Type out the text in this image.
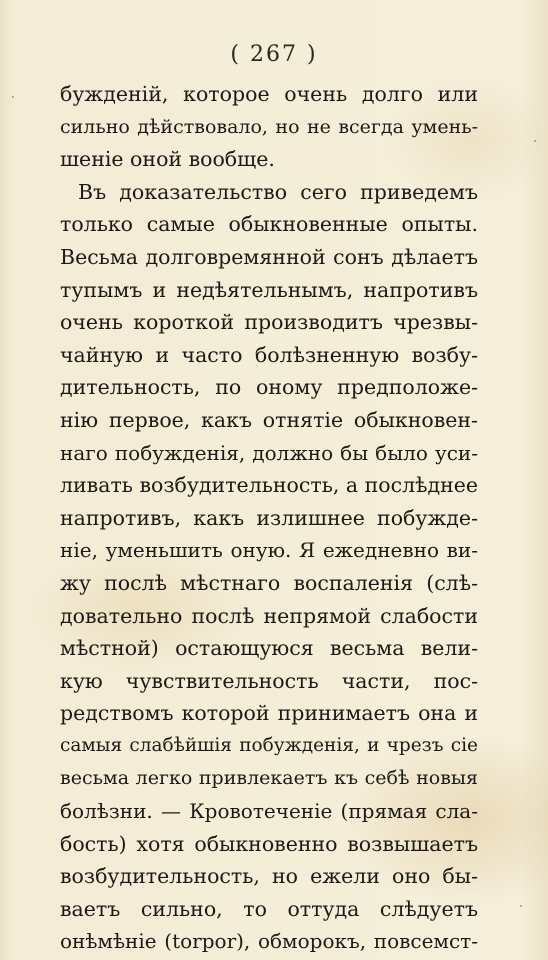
( 267 )
бужденій, которое очень долго или
сильно дѣйствовало, но не всегда умень-
шеніе оной вообще.
Въ доказательство сего приведемъ
только самые обыкновенные опыты.
Весьма долговремянной сонъ дѣлаетъ
тупымъ и недѣятельнымъ, напротивъ
очень короткой производитъ чрезвы-
чайную и часто болѣзненную возбу-
дительность, по оному предположе-
нію первое, какъ отнятіе обыкновен-
наго побужденія, должно бы было уси-
ливать возбудительность, а послѣднее
напротивъ, какъ излишнее побужде-
ніе, уменьшить оную. Я ежедневно ви-
жу послѣ мѣстнаго воспаленія (слѣ-
довательно послѣ непрямой слабости
мѣстной) остающуюся весьма вели-
кую чувствительность части, пос-
редствомъ которой принимаетъ она и
самыя слабѣйшія побужденія, и чрезъ сіе
весьма легко привлекаетъ къ себѣ новыя
болѣзни. — Кровотеченіе (прямая сла-
бость) хотя обыкновенно возвышаетъ
возбудительность, но ежели оно бы-
ваетъ сильно, то оттуда слѣдуетъ
онѣмѣніе (torpor), обморокъ, повсемст-
